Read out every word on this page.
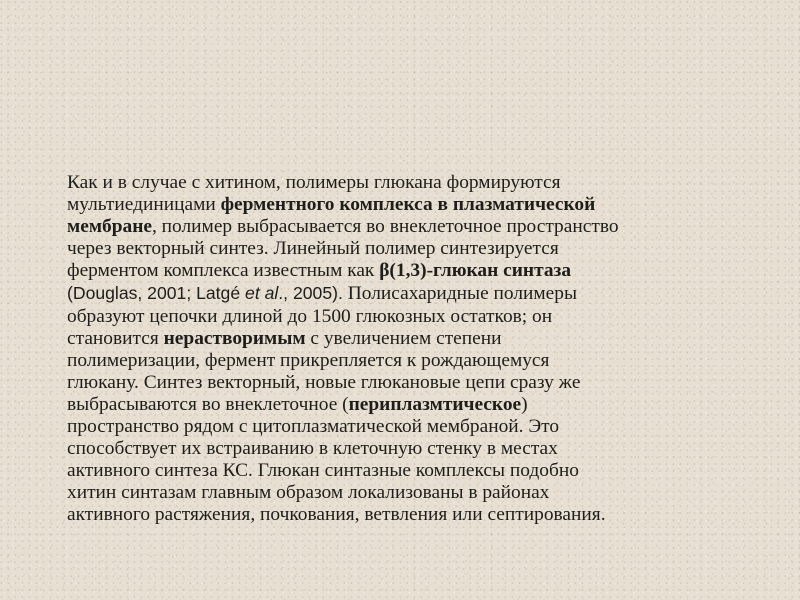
Как и в случае с хитином, полимеры глюкана формируются
мультиединицами ферментного комплекса в плазматической
мембране, полимер выбрасывается во внеклеточное пространство
через векторный синтез. Линейный полимер синтезируется
ферментом комплекса известным как β(1,3)-глюкан синтаза
(Douglas, 2001; Latgé et al., 2005). Полисахаридные полимеры
образуют цепочки длиной до 1500 глюкозных остатков; он
становится нерастворимым с увеличением степени
полимеризации, фермент прикрепляется к рождающемуся
глюкану. Синтез векторный, новые глюкановые цепи сразу же
выбрасываются во внеклеточное (периплазмтическое)
пространство рядом с цитоплазматической мембраной. Это
способствует их встраиванию в клеточную стенку в местах
активного синтеза КС. Глюкан синтазные комплексы подобно
хитин синтазам главным образом локализованы в районах
активного растяжения, почкования, ветвления или септирования.
